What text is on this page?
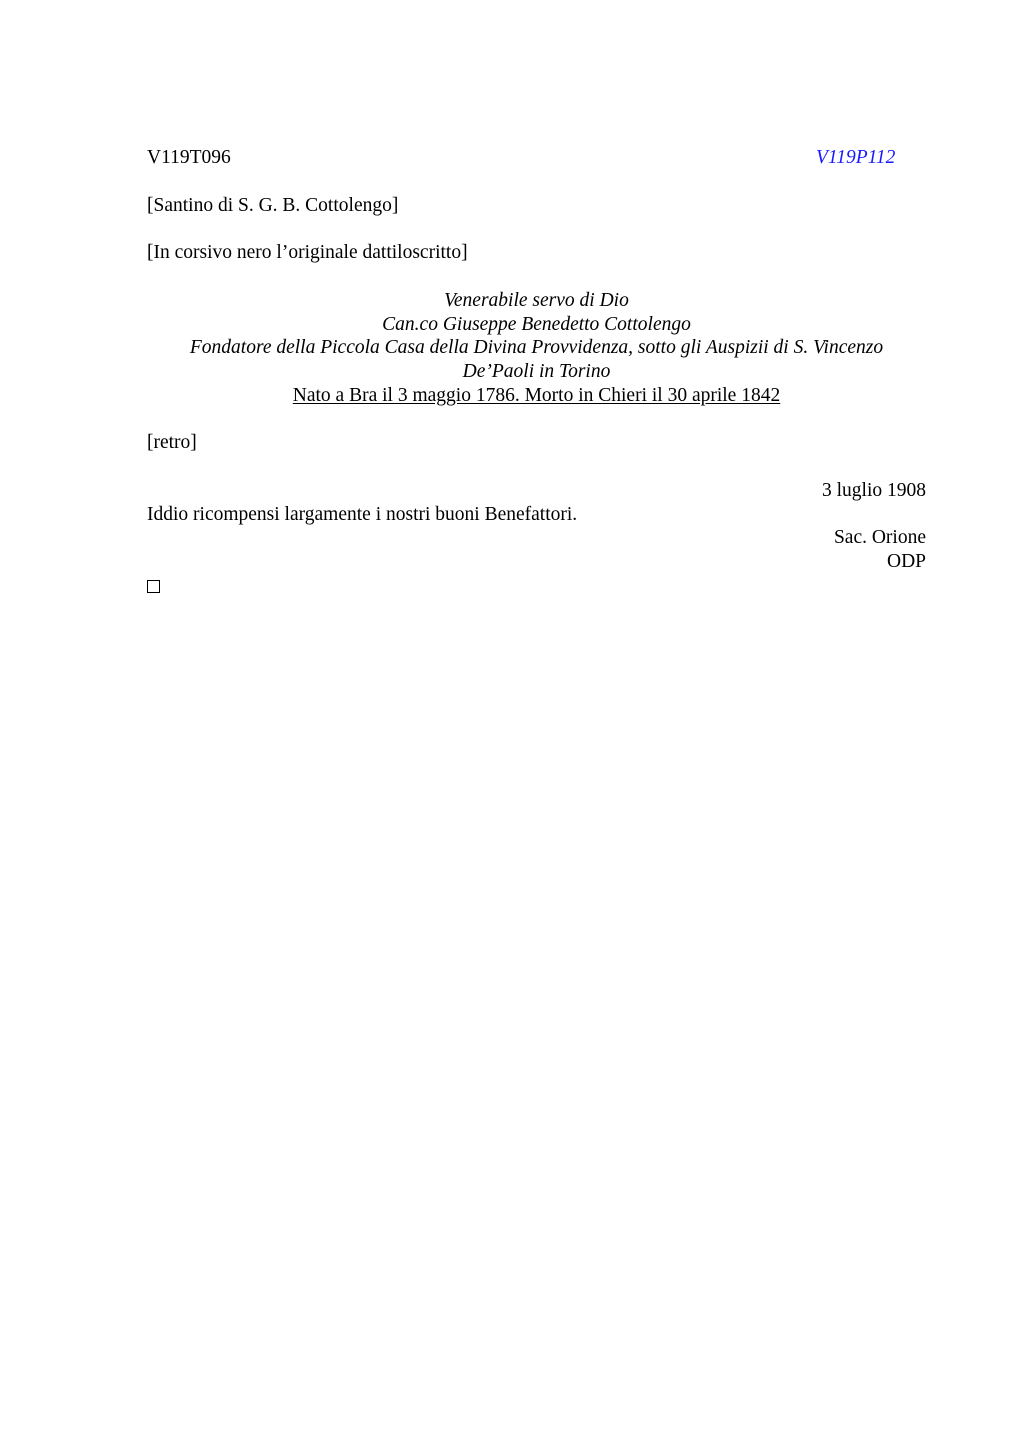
V119T096	V119P112
[Santino di S. G. B. Cottolengo]
[In corsivo nero l’originale dattiloscritto]
Venerabile servo di Dio
Can.co Giuseppe Benedetto Cottolengo
Fondatore della Piccola Casa della Divina Provvidenza, sotto gli Auspizii di S. Vincenzo
De’Paoli in Torino
Nato a Bra il 3 maggio 1786. Morto in Chieri il 30 aprile 1842
[retro]
3 luglio 1908
Iddio ricompensi largamente i nostri buoni Benefattori.
Sac. Orione
ODP
